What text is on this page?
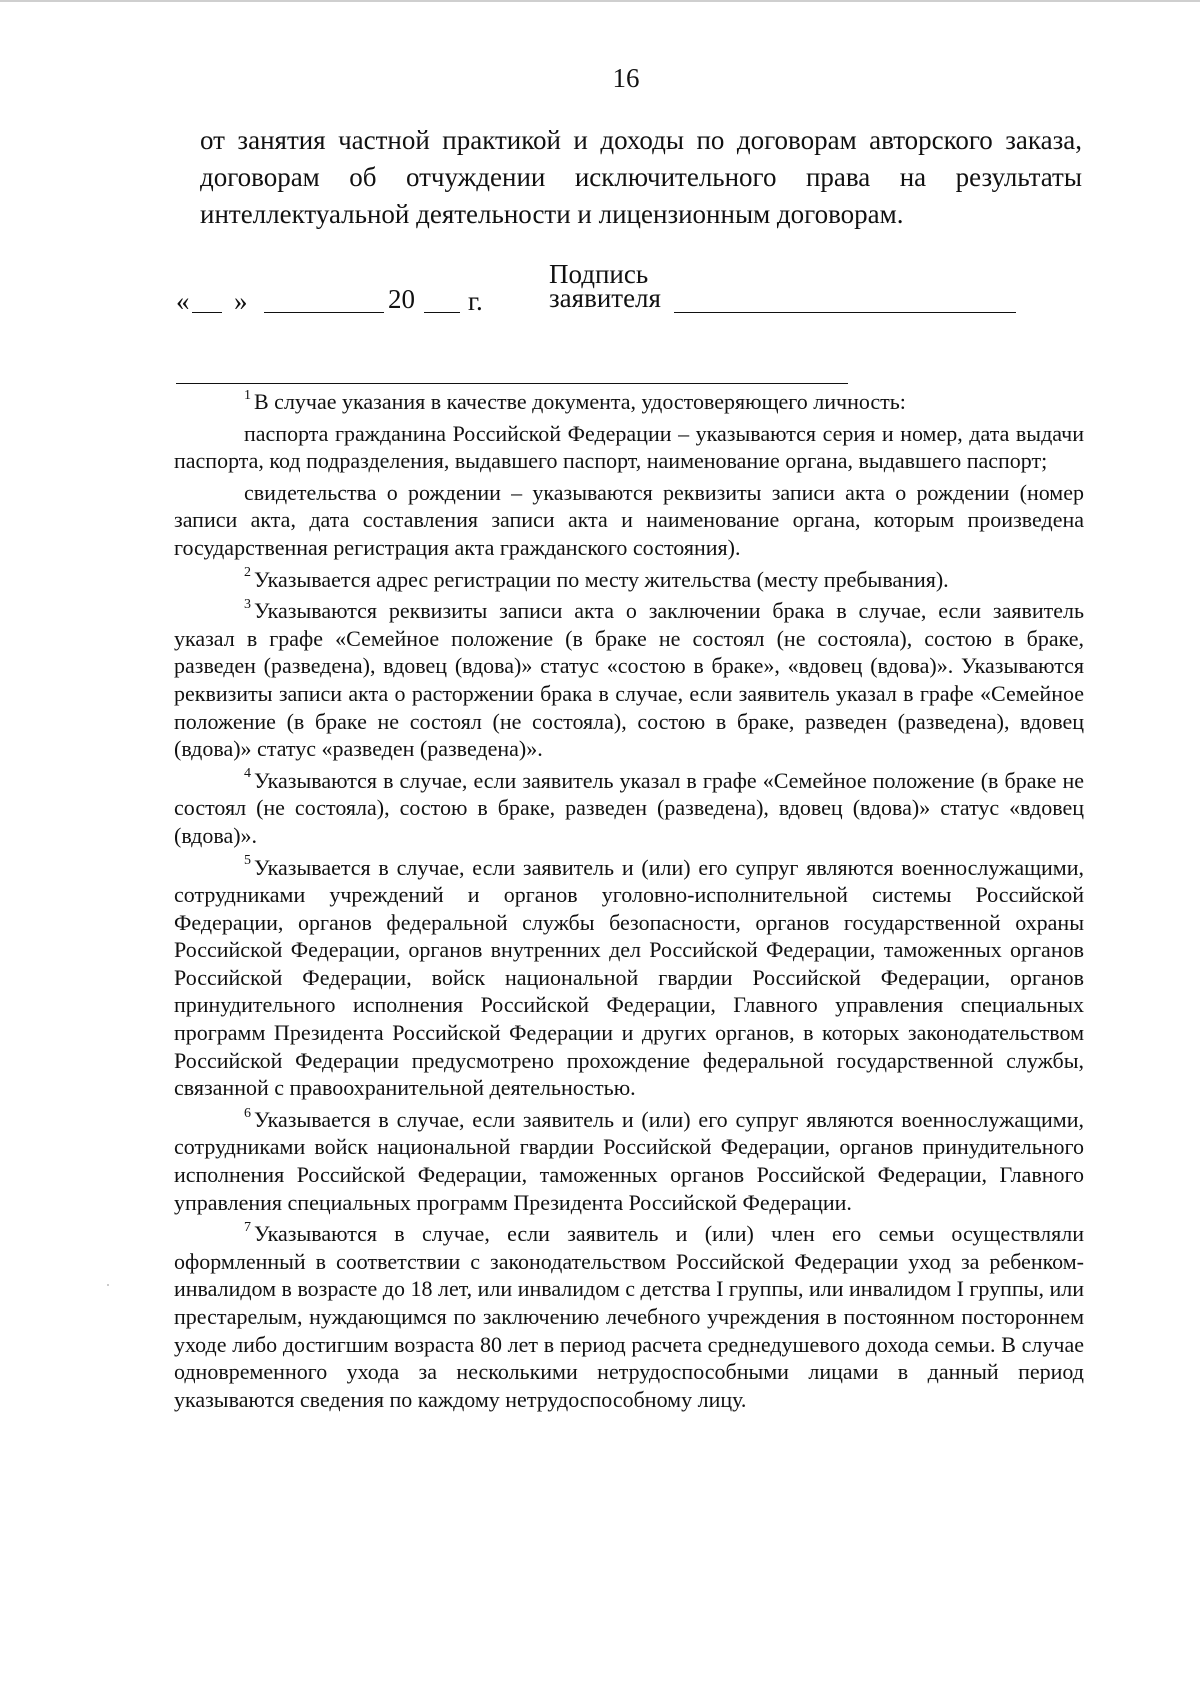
16

от занятия частной практикой и доходы по договорам авторского заказа, договорам об отчуждении исключительного права на результаты интеллектуальной деятельности и лицензионным договорам.

« »	20 г.
Подпись
заявителя

$^1$ В случае указания в качестве документа, удостоверяющего личность:

паспорта гражданина Российской Федерации – указываются серия и номер, дата выдачи паспорта, код подразделения, выдавшего паспорт, наименование органа, выдавшего паспорт;

свидетельства о рождении – указываются реквизиты записи акта о рождении (номер записи акта, дата составления записи акта и наименование органа, которым произведена государственная регистрация акта гражданского состояния).

$^2$ Указывается адрес регистрации по месту жительства (месту пребывания).

$^3$ Указываются реквизиты записи акта о заключении брака в случае, если заявитель указал в графе «Семейное положение (в браке не состоял (не состояла), состою в браке, разведен (разведена), вдовец (вдова)» статус «состою в браке», «вдовец (вдова)». Указываются реквизиты записи акта о расторжении брака в случае, если заявитель указал в графе «Семейное положение (в браке не состоял (не состояла), состою в браке, разведен (разведена), вдовец (вдова)» статус «разведен (разведена)».

$^4$ Указываются в случае, если заявитель указал в графе «Семейное положение (в браке не состоял (не состояла), состою в браке, разведен (разведена), вдовец (вдова)» статус «вдовец (вдова)».

$^5$ Указывается в случае, если заявитель и (или) его супруг являются военнослужащими, сотрудниками учреждений и органов уголовно-исполнительной системы Российской Федерации, органов федеральной службы безопасности, органов государственной охраны Российской Федерации, органов внутренних дел Российской Федерации, таможенных органов Российской Федерации, войск национальной гвардии Российской Федерации, органов принудительного исполнения Российской Федерации, Главного управления специальных программ Президента Российской Федерации и других органов, в которых законодательством Российской Федерации предусмотрено прохождение федеральной государственной службы, связанной с правоохранительной деятельностью.

$^6$ Указывается в случае, если заявитель и (или) его супруг являются военнослужащими, сотрудниками войск национальной гвардии Российской Федерации, органов принудительного исполнения Российской Федерации, таможенных органов Российской Федерации, Главного управления специальных программ Президента Российской Федерации.

$^7$ Указываются в случае, если заявитель и (или) член его семьи осуществляли оформленный в соответствии с законодательством Российской Федерации уход за ребенком-инвалидом в возрасте до 18 лет, или инвалидом с детства I группы, или инвалидом I группы, или престарелым, нуждающимся по заключению лечебного учреждения в постоянном постороннем уходе либо достигшим возраста 80 лет в период расчета среднедушевого дохода семьи. В случае одновременного ухода за несколькими нетрудоспособными лицами в данный период указываются сведения по каждому нетрудоспособному лицу.
